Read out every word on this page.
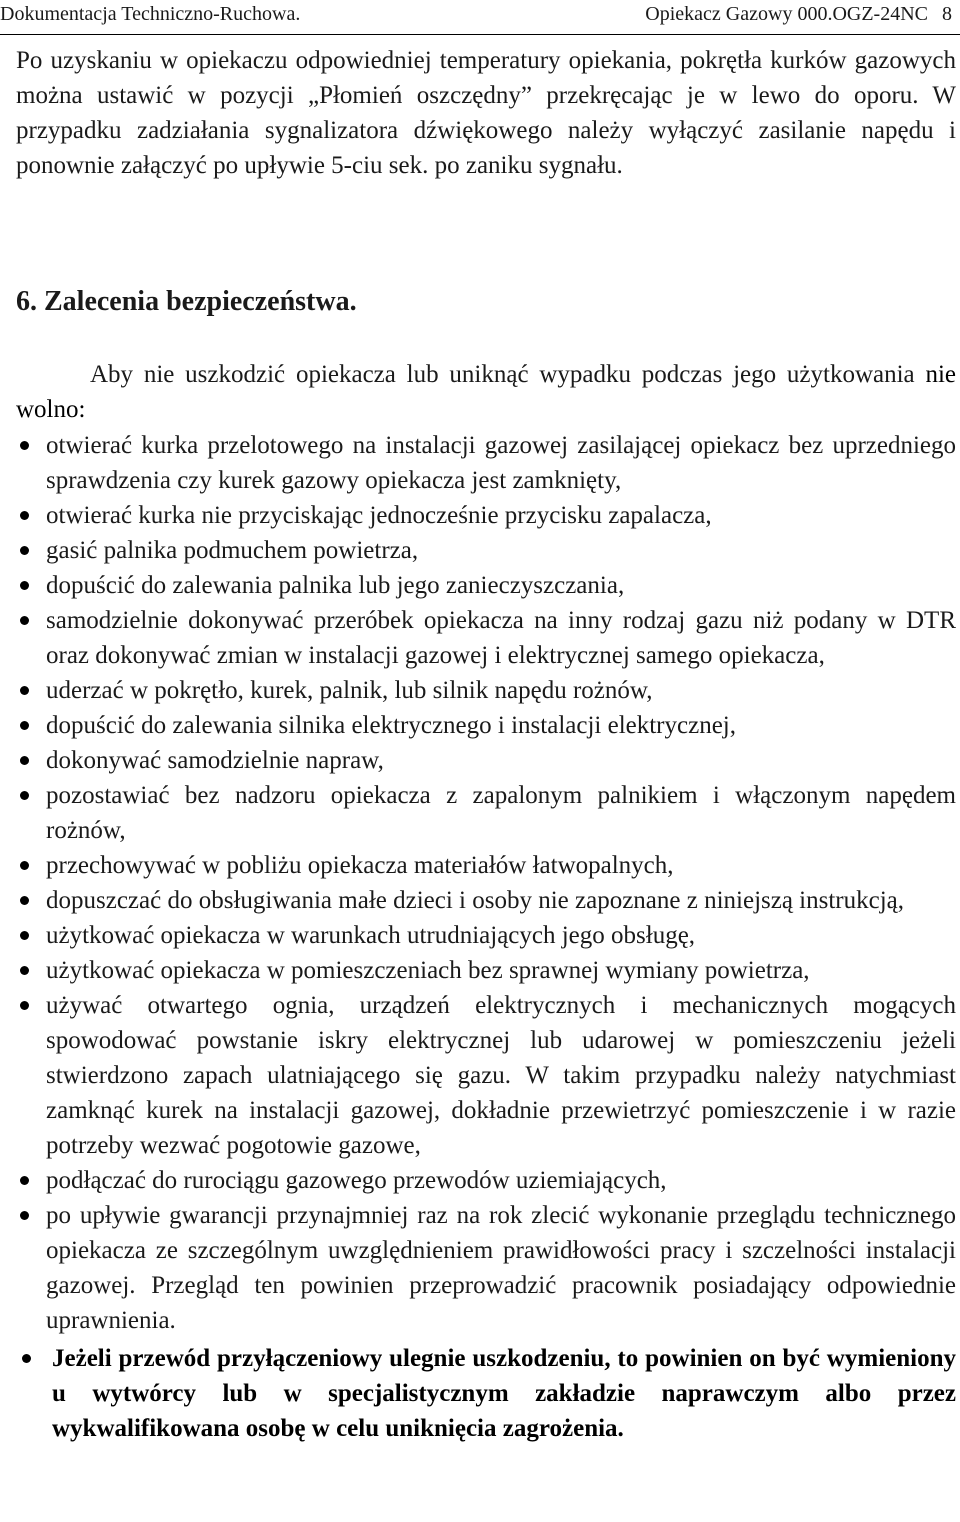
Dokumentacja Techniczno-Ruchowa.	Opiekacz Gazowy 000.OGZ-24NC 8

Po uzyskaniu w opiekaczu odpowiedniej temperatury opiekania, pokrętła kurków gazowych można ustawić w pozycji „Płomień oszczędny” przekręcając je w lewo do oporu. W przypadku zadziałania sygnalizatora dźwiękowego należy wyłączyć zasilanie napędu i ponownie załączyć po upływie 5-ciu sek. po zaniku sygnału.

6. Zalecenia bezpieczeństwa.

Aby nie uszkodzić opiekacza lub uniknąć wypadku podczas jego użytkowania nie wolno:

otwierać kurka przelotowego na instalacji gazowej zasilającej opiekacz bez uprzedniego sprawdzenia czy kurek gazowy opiekacza jest zamknięty,
otwierać kurka nie przyciskając jednocześnie przycisku zapalacza,
gasić palnika podmuchem powietrza,
dopuścić do zalewania palnika lub jego zanieczyszczania,
samodzielnie dokonywać przeróbek opiekacza na inny rodzaj gazu niż podany w DTR oraz dokonywać zmian w instalacji gazowej i elektrycznej samego opiekacza,
uderzać w pokrętło, kurek, palnik, lub silnik napędu rożnów,
dopuścić do zalewania silnika elektrycznego i instalacji elektrycznej,
dokonywać samodzielnie napraw,
pozostawiać bez nadzoru opiekacza z zapalonym palnikiem i włączonym napędem rożnów,
przechowywać w pobliżu opiekacza materiałów łatwopalnych,
dopuszczać do obsługiwania małe dzieci i osoby nie zapoznane z niniejszą instrukcją,
użytkować opiekacza w warunkach utrudniających jego obsługę,
użytkować opiekacza w pomieszczeniach bez sprawnej wymiany powietrza,
używać otwartego ognia, urządzeń elektrycznych i mechanicznych mogących spowodować powstanie iskry elektrycznej lub udarowej w pomieszczeniu jeżeli stwierdzono zapach ulatniającego się gazu. W takim przypadku należy natychmiast zamknąć kurek na instalacji gazowej, dokładnie przewietrzyć pomieszczenie i w razie potrzeby wezwać pogotowie gazowe,
podłączać do rurociągu gazowego przewodów uziemiających,
po upływie gwarancji przynajmniej raz na rok zlecić wykonanie przeglądu technicznego opiekacza ze szczególnym uwzględnieniem prawidłowości pracy i szczelności instalacji gazowej. Przegląd ten powinien przeprowadzić pracownik posiadający odpowiednie uprawnienia.
Jeżeli przewód przyłączeniowy ulegnie uszkodzeniu, to powinien on być wymieniony u wytwórcy lub w specjalistycznym zakładzie naprawczym albo przez wykwalifikowana osobę w celu uniknięcia zagrożenia.
